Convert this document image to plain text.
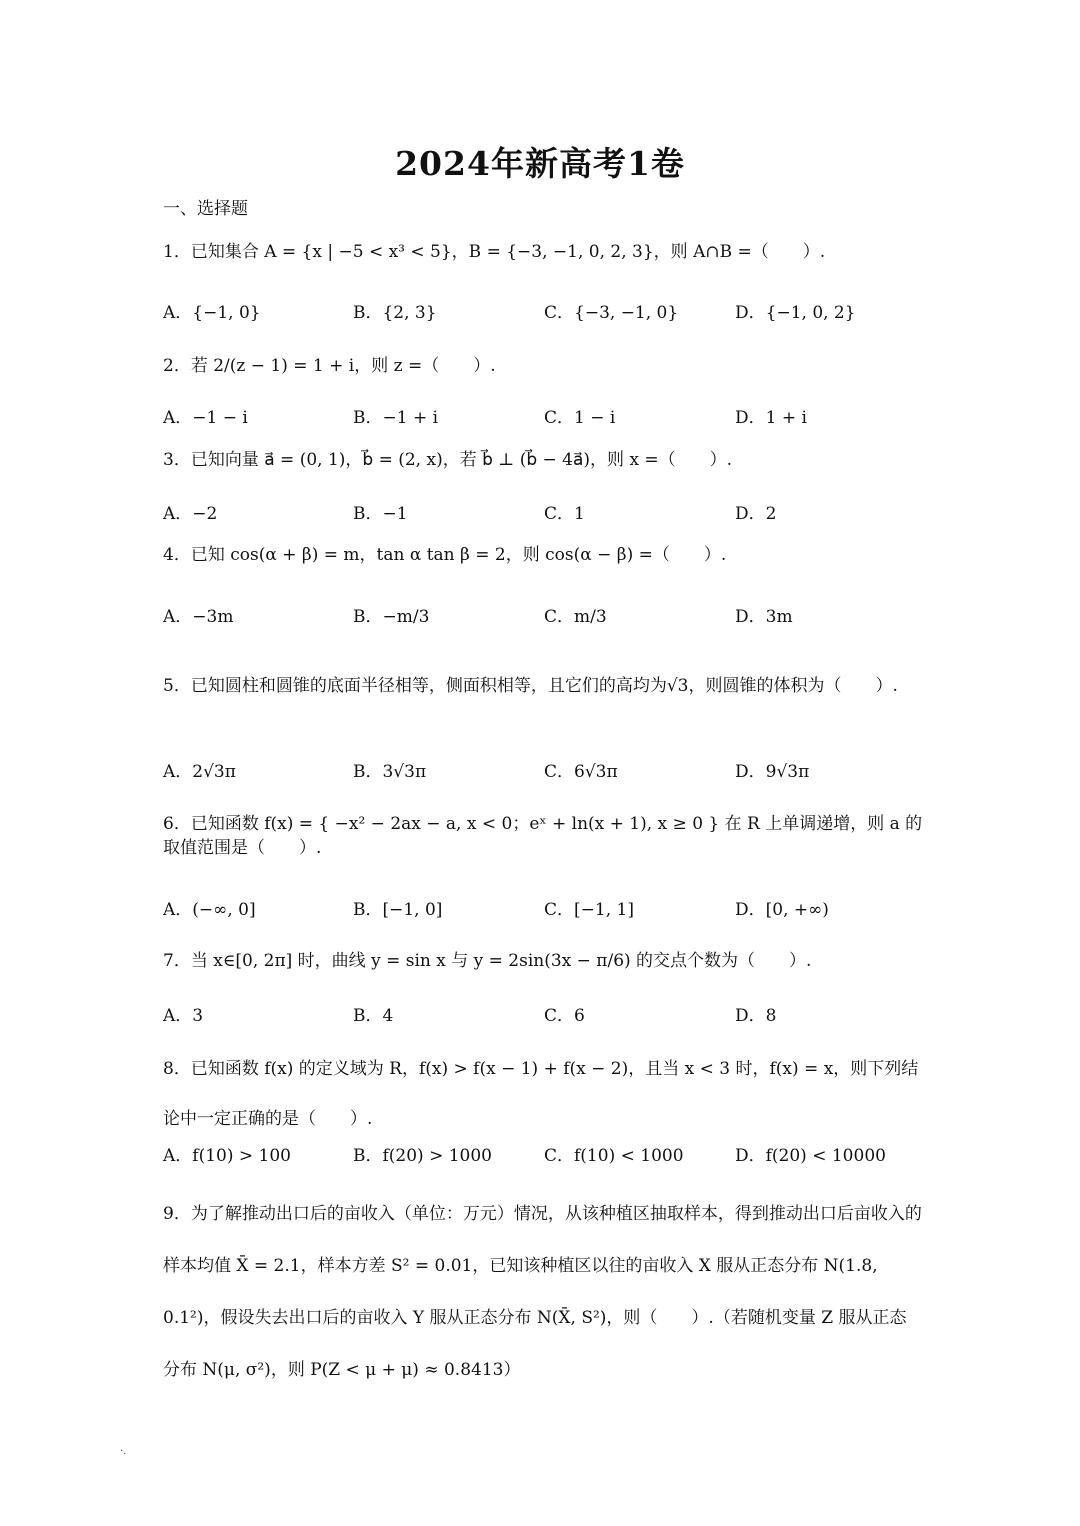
2024年新高考1卷
一、选择题
1．已知集合 A = {x | −5 < x³ < 5}，B = {−3, −1, 0, 2, 3}，则 A∩B =（　　）.
A．{−1, 0}	B．{2, 3}	C．{−3, −1, 0}	D．{−1, 0, 2}
2．若 2/(z − 1) = 1 + i，则 z =（　　）.
A．−1 − i	B．−1 + i	C．1 − i	D．1 + i
3．已知向量 a⃗ = (0, 1)，b⃗ = (2, x)，若 b⃗ ⊥ (b⃗ − 4a⃗)，则 x =（　　）.
A．−2	B．−1	C．1	D．2
4．已知 cos(α + β) = m，tan α tan β = 2，则 cos(α − β) =（　　）.
A．−3m	B．−m/3	C．m/3	D．3m
5．已知圆柱和圆锥的底面半径相等，侧面积相等，且它们的高均为√3，则圆锥的体积为（　　）.
A．2√3π	B．3√3π	C．6√3π	D．9√3π
6．已知函数 f(x) = { −x² − 2ax − a, x < 0；eˣ + ln(x + 1), x ≥ 0 } 在 R 上单调递增，则 a 的取值范围是（　　）.
A．(−∞, 0]	B．[−1, 0]	C．[−1, 1]	D．[0, +∞)
7．当 x∈[0, 2π] 时，曲线 y = sin x 与 y = 2sin(3x − π/6) 的交点个数为（　　）.
A．3	B．4	C．6	D．8
8．已知函数 f(x) 的定义域为 R，f(x) > f(x − 1) + f(x − 2)，且当 x < 3 时，f(x) = x，则下列结论中一定正确的是（　　）.
A．f(10) > 100	B．f(20) > 1000	C．f(10) < 1000	D．f(20) < 10000
9．为了解推动出口后的亩收入（单位：万元）情况，从该种植区抽取样本，得到推动出口后亩收入的样本均值 X̄ = 2.1，样本方差 S² = 0.01，已知该种植区以往的亩收入 X 服从正态分布 N(1.8, 0.1²)，假设失去出口后的亩收入 Y 服从正态分布 N(X̄, S²)，则（　　）.（若随机变量 Z 服从正态分布 N(μ, σ²)，则 P(Z < μ + μ) ≈ 0.8413）
·.
